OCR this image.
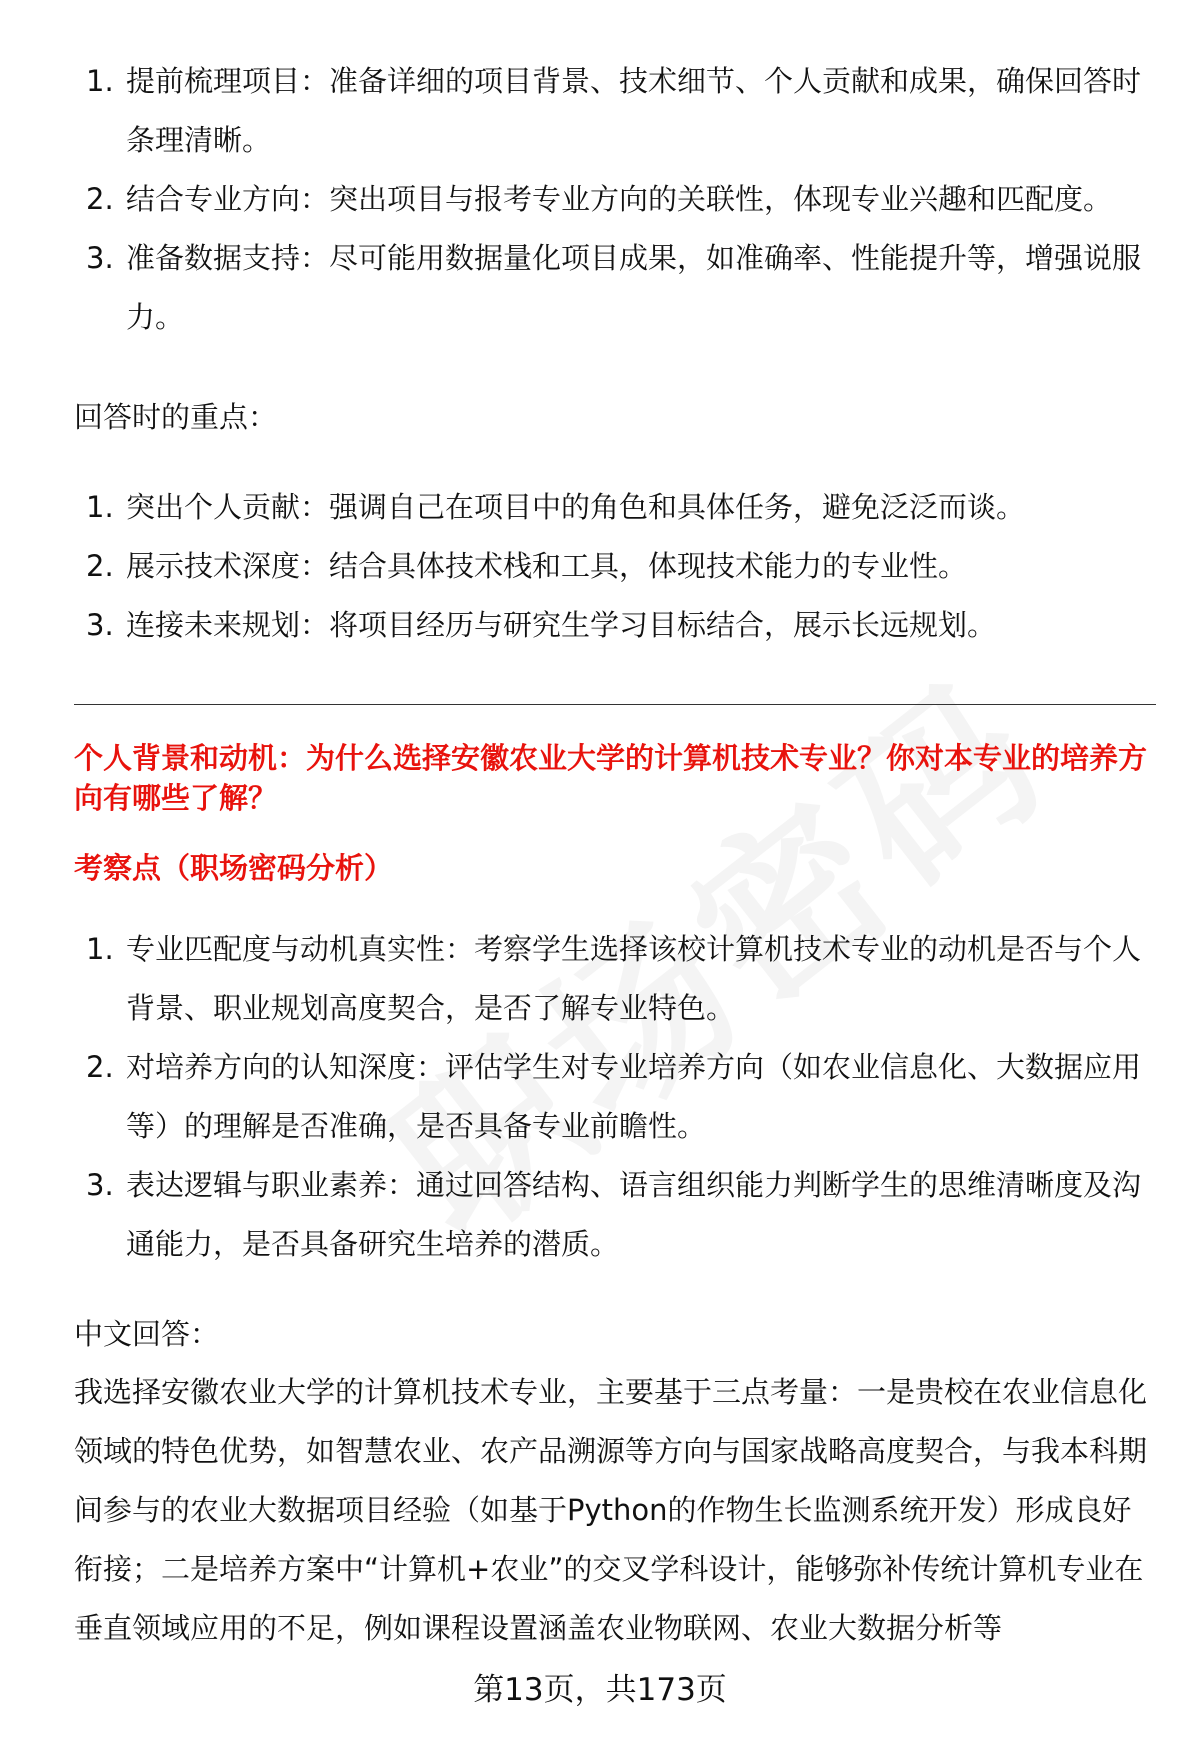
1. 提前梳理项目：准备详细的项目背景、技术细节、个人贡献和成果，确保回答时条理清晰。
2. 结合专业方向：突出项目与报考专业方向的关联性，体现专业兴趣和匹配度。
3. 准备数据支持：尽可能用数据量化项目成果，如准确率、性能提升等，增强说服力。

回答时的重点：

1. 突出个人贡献：强调自己在项目中的角色和具体任务，避免泛泛而谈。
2. 展示技术深度：结合具体技术栈和工具，体现技术能力的专业性。
3. 连接未来规划：将项目经历与研究生学习目标结合，展示长远规划。
个人背景和动机：为什么选择安徽农业大学的计算机技术专业？你对本专业的培养方向有哪些了解？
考察点（职场密码分析）
1. 专业匹配度与动机真实性：考察学生选择该校计算机技术专业的动机是否与个人背景、职业规划高度契合，是否了解专业特色。
2. 对培养方向的认知深度：评估学生对专业培养方向（如农业信息化、大数据应用等）的理解是否准确，是否具备专业前瞻性。
3. 表达逻辑与职业素养：通过回答结构、语言组织能力判断学生的思维清晰度及沟通能力，是否具备研究生培养的潜质。

中文回答：

我选择安徽农业大学的计算机技术专业，主要基于三点考量：一是贵校在农业信息化领域的特色优势，如智慧农业、农产品溯源等方向与国家战略高度契合，与我本科期间参与的农业大数据项目经验（如基于Python的作物生长监测系统开发）形成良好衔接；二是培养方案中“计算机+农业”的交叉学科设计，能够弥补传统计算机专业在垂直领域应用的不足，例如课程设置涵盖农业物联网、农业大数据分析等

第13页，共173页
